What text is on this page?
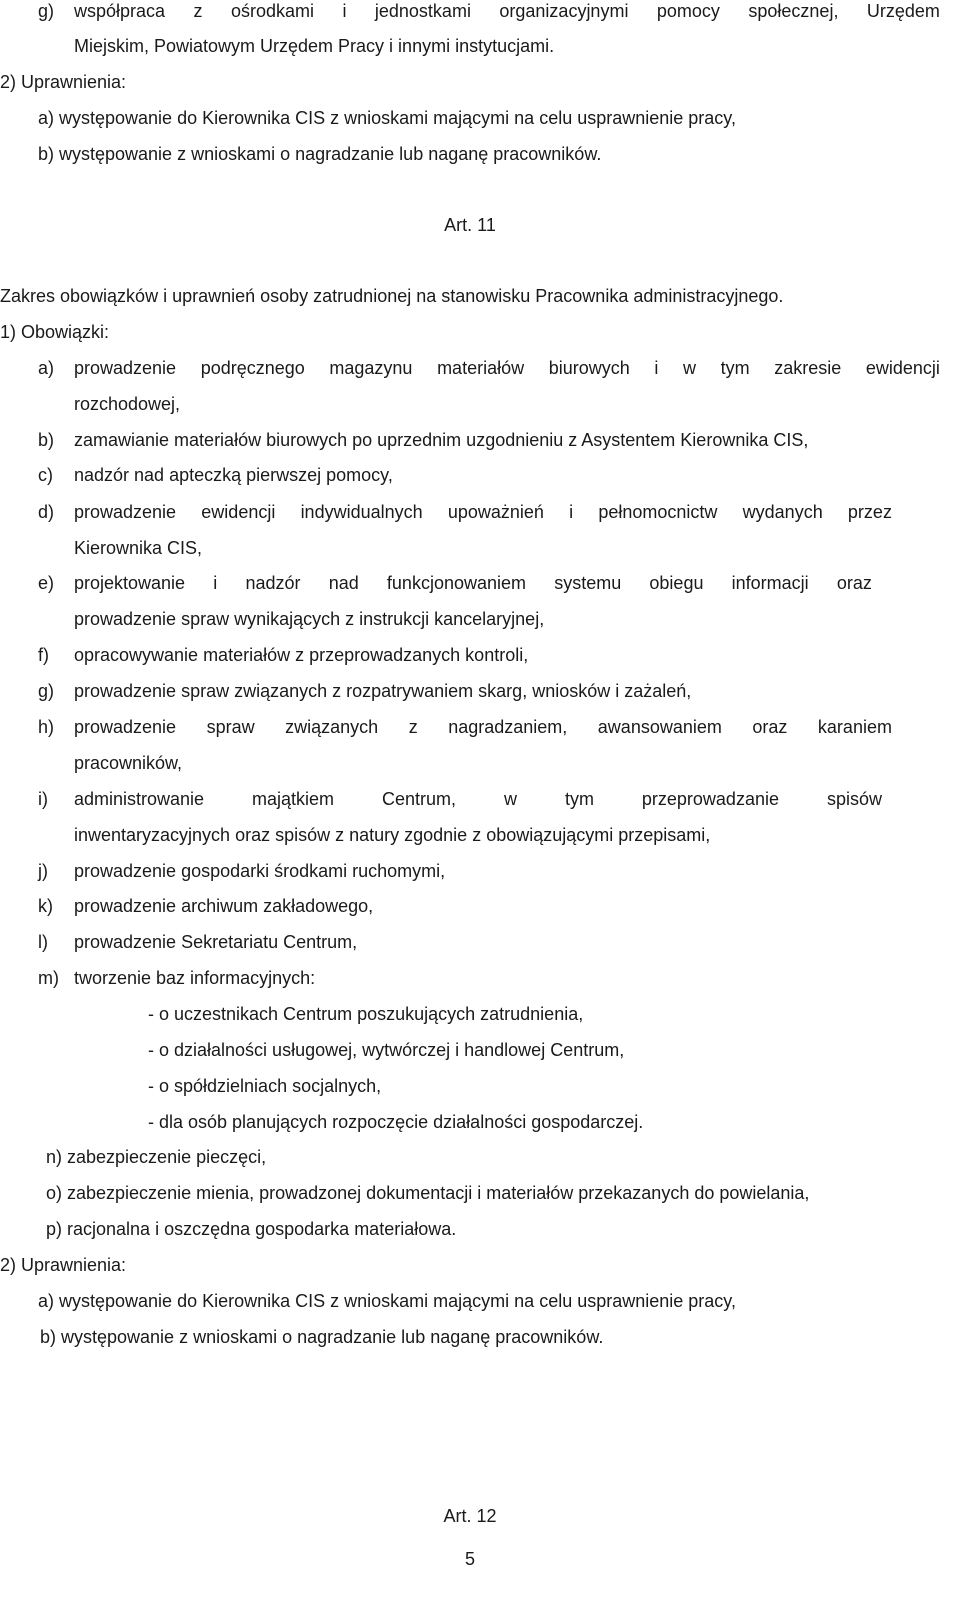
g) współpraca z ośrodkami i jednostkami organizacyjnymi pomocy społecznej, Urzędem
Miejskim, Powiatowym Urzędem Pracy i innymi instytucjami.
2) Uprawnienia:
a) występowanie do Kierownika CIS z wnioskami mającymi na celu usprawnienie pracy,
b) występowanie z wnioskami o nagradzanie lub naganę pracowników.
Art. 11
Zakres obowiązków i uprawnień osoby zatrudnionej na stanowisku Pracownika administracyjnego.
1) Obowiązki:
a) prowadzenie podręcznego magazynu materiałów biurowych i w tym zakresie ewidencji
rozchodowej,
b) zamawianie materiałów biurowych po uprzednim uzgodnieniu z Asystentem Kierownika CIS,
c) nadzór nad apteczką pierwszej pomocy,
d) prowadzenie ewidencji indywidualnych upoważnień i pełnomocnictw wydanych przez
Kierownika CIS,
e) projektowanie i nadzór nad funkcjonowaniem systemu obiegu informacji oraz
prowadzenie spraw wynikających z instrukcji kancelaryjnej,
f) opracowywanie materiałów z przeprowadzanych kontroli,
g) prowadzenie spraw związanych z rozpatrywaniem skarg, wniosków i zażaleń,
h) prowadzenie spraw związanych z nagradzaniem, awansowaniem oraz karaniem
pracowników,
i) administrowanie	majątkiem	Centrum,	w	tym	przeprowadzanie	spisów
inwentaryzacyjnych oraz spisów z natury zgodnie z obowiązującymi przepisami,
j) prowadzenie gospodarki środkami ruchomymi,
k) prowadzenie archiwum zakładowego,
l) prowadzenie Sekretariatu Centrum,
m) tworzenie baz informacyjnych:
- o uczestnikach Centrum poszukujących zatrudnienia,
- o działalności usługowej, wytwórczej i handlowej Centrum,
- o spółdzielniach socjalnych,
- dla osób planujących rozpoczęcie działalności gospodarczej.
n) zabezpieczenie pieczęci,
o) zabezpieczenie mienia, prowadzonej dokumentacji i materiałów przekazanych do powielania,
p) racjonalna i oszczędna gospodarka materiałowa.
2) Uprawnienia:
a) występowanie do Kierownika CIS z wnioskami mającymi na celu usprawnienie pracy,
b) występowanie z wnioskami o nagradzanie lub naganę pracowników.
Art. 12
5
